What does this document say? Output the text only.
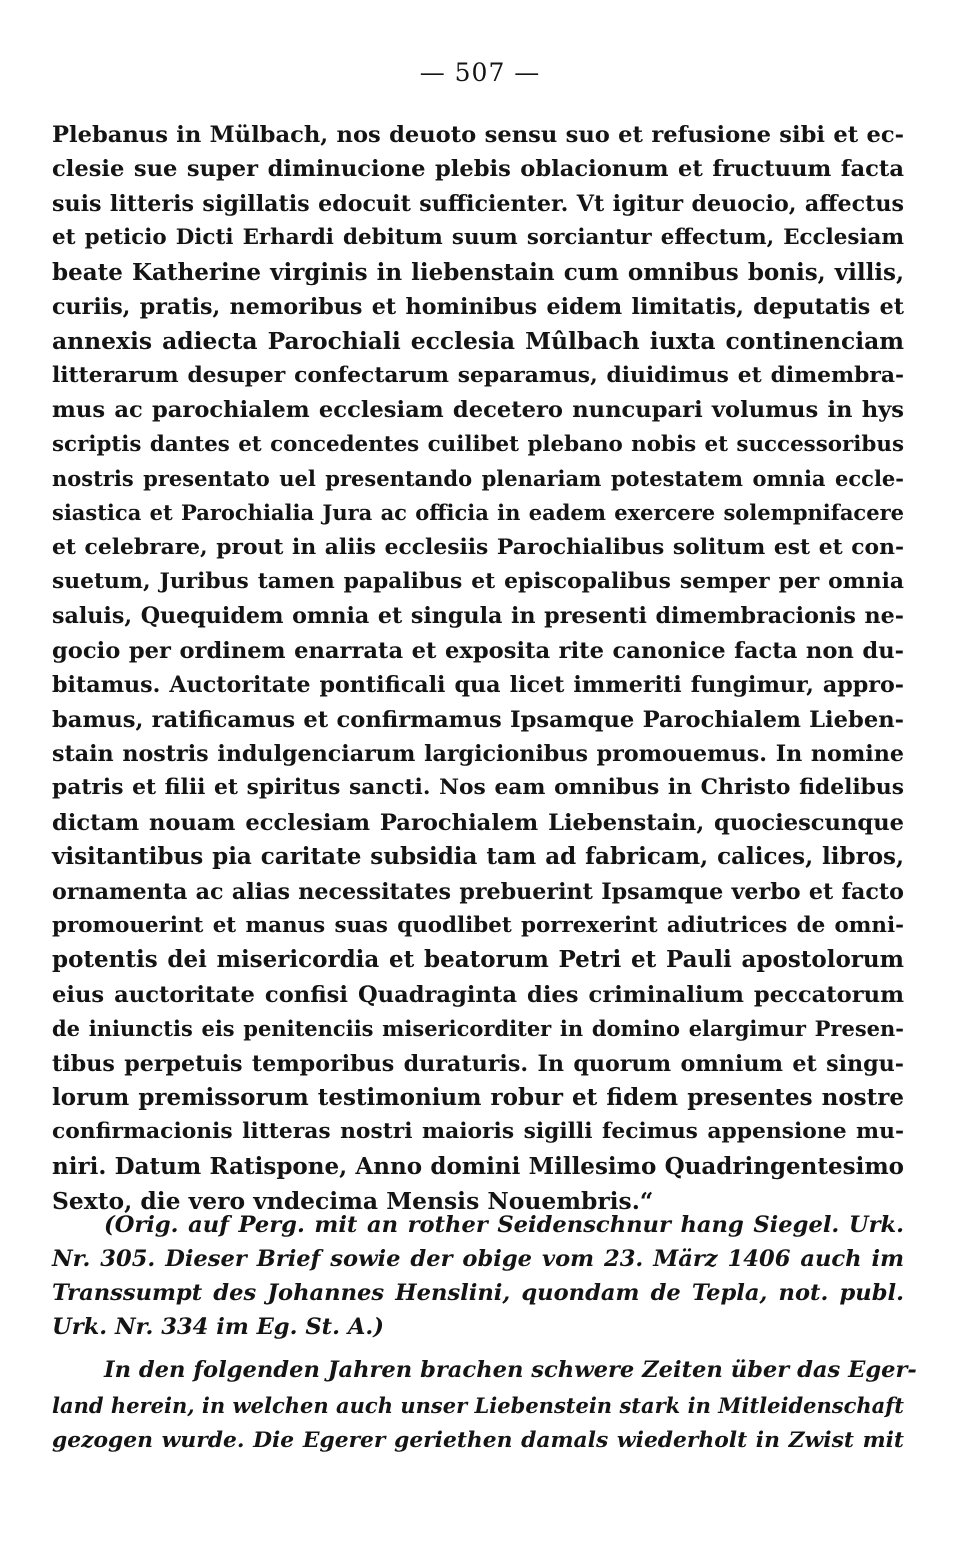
— 507 —
Plebanus in Mülbach, nos deuoto sensu suo et refusione sibi et ec-
clesie sue super diminucione plebis oblacionum et fructuum facta
suis litteris sigillatis edocuit sufficienter. Vt igitur deuocio, affectus
et peticio Dicti Erhardi debitum suum sorciantur effectum, Ecclesiam
beate Katherine virginis in liebenstain cum omnibus bonis, villis,
curiis, pratis, nemoribus et hominibus eidem limitatis, deputatis et
annexis adiecta Parochiali ecclesia Mûlbach iuxta continenciam
litterarum desuper confectarum separamus, diuidimus et dimembra-
mus ac parochialem ecclesiam decetero nuncupari volumus in hys
scriptis dantes et concedentes cuilibet plebano nobis et successoribus
nostris presentato uel presentando plenariam potestatem omnia eccle-
siastica et Parochialia Jura ac officia in eadem exercere solempnifacere
et celebrare, prout in aliis ecclesiis Parochialibus solitum est et con-
suetum, Juribus tamen papalibus et episcopalibus semper per omnia
saluis, Quequidem omnia et singula in presenti dimembracionis ne-
gocio per ordinem enarrata et exposita rite canonice facta non du-
bitamus. Auctoritate pontificali qua licet immeriti fungimur, appro-
bamus, ratificamus et confirmamus Ipsamque Parochialem Lieben-
stain nostris indulgenciarum largicionibus promouemus. In nomine
patris et filii et spiritus sancti. Nos eam omnibus in Christo fidelibus
dictam nouam ecclesiam Parochialem Liebenstain, quociescunque
visitantibus pia caritate subsidia tam ad fabricam, calices, libros,
ornamenta ac alias necessitates prebuerint Ipsamque verbo et facto
promouerint et manus suas quodlibet porrexerint adiutrices de omni-
potentis dei misericordia et beatorum Petri et Pauli apostolorum
eius auctoritate confisi Quadraginta dies criminalium peccatorum
de iniunctis eis penitenciis misericorditer in domino elargimur Presen-
tibus perpetuis temporibus duraturis. In quorum omnium et singu-
lorum premissorum testimonium robur et fidem presentes nostre
confirmacionis litteras nostri maioris sigilli fecimus appensione mu-
niri. Datum Ratispone, Anno domini Millesimo Quadringentesimo
Sexto, die vero vndecima Mensis Nouembris.“
(Orig. auf Perg. mit an rother Seidenschnur hang Siegel. Urk.
Nr. 305. Dieser Brief sowie der obige vom 23. März 1406 auch im
Transsumpt des Johannes Henslini, quondam de Tepla, not. publ.
Urk. Nr. 334 im Eg. St. A.)
In den folgenden Jahren brachen schwere Zeiten über das Eger-
land herein, in welchen auch unser Liebenstein stark in Mitleidenschaft
gezogen wurde. Die Egerer geriethen damals wiederholt in Zwist mit
